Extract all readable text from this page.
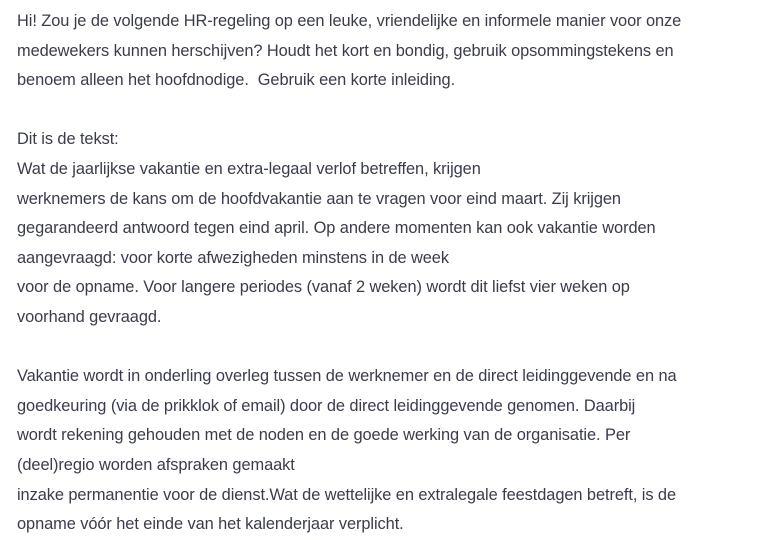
Hi! Zou je de volgende HR-regeling op een leuke, vriendelijke en informele manier voor onze
medewekers kunnen herschijven? Houdt het kort en bondig, gebruik opsommingstekens en
benoem alleen het hoofdnodige.  Gebruik een korte inleiding.
Dit is de tekst:
Wat de jaarlijkse vakantie en extra-legaal verlof betreffen, krijgen
werknemers de kans om de hoofdvakantie aan te vragen voor eind maart. Zij krijgen
gegarandeerd antwoord tegen eind april. Op andere momenten kan ook vakantie worden
aangevraagd: voor korte afwezigheden minstens in de week
voor de opname. Voor langere periodes (vanaf 2 weken) wordt dit liefst vier weken op
voorhand gevraagd.
Vakantie wordt in onderling overleg tussen de werknemer en de direct leidinggevende en na
goedkeuring (via de prikklok of email) door de direct leidinggevende genomen. Daarbij
wordt rekening gehouden met de noden en de goede werking van de organisatie. Per
(deel)regio worden afspraken gemaakt
inzake permanentie voor de dienst.Wat de wettelijke en extralegale feestdagen betreft, is de
opname vóór het einde van het kalenderjaar verplicht.
